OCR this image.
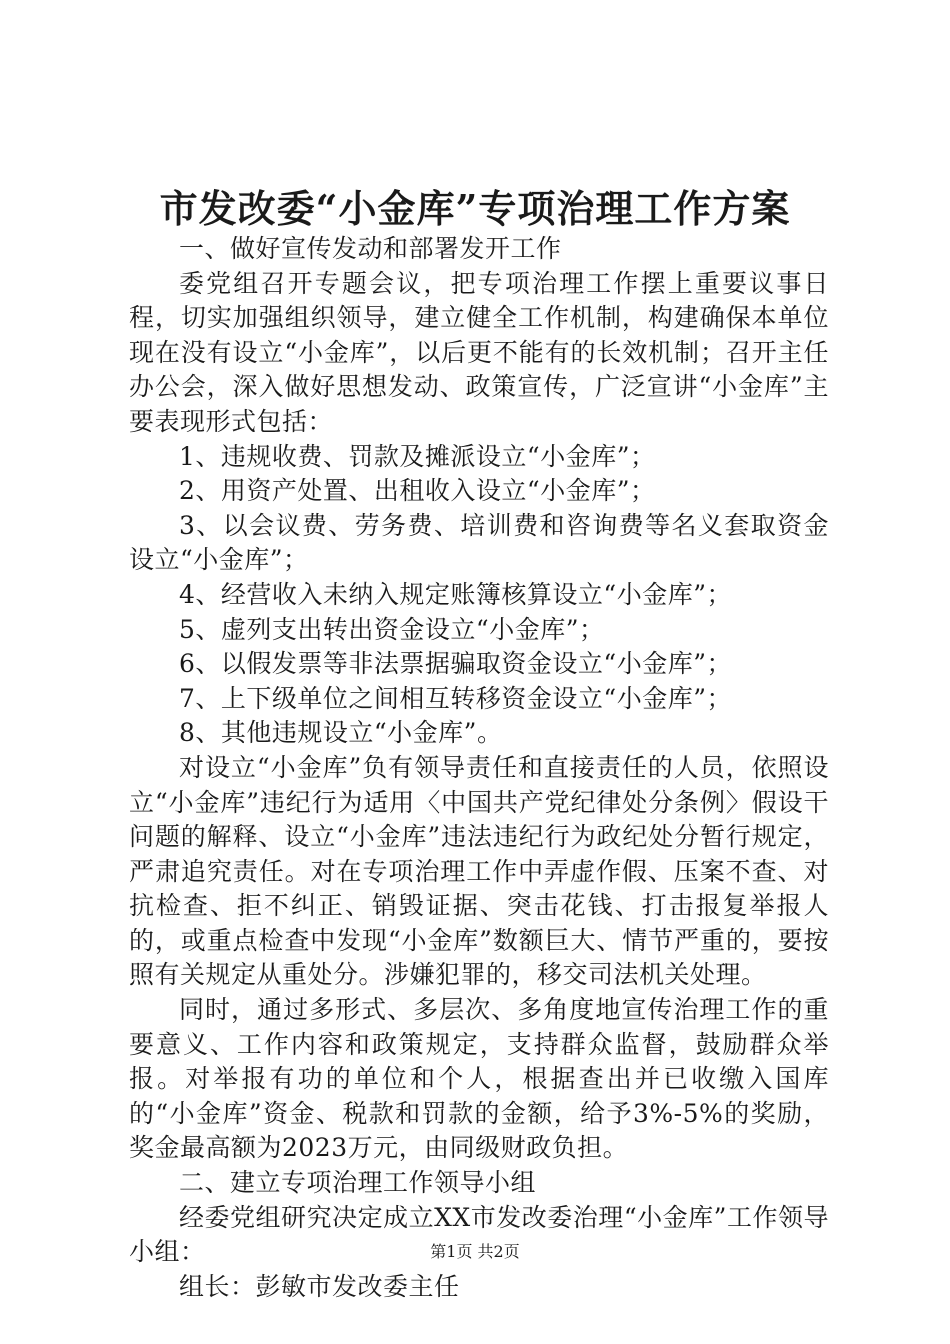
市发改委“小金库”专项治理工作方案

一、做好宣传发动和部署发开工作

委党组召开专题会议，把专项治理工作摆上重要议事日程，切实加强组织领导，建立健全工作机制，构建确保本单位现在没有设立“小金库”，以后更不能有的长效机制；召开主任办公会，深入做好思想发动、政策宣传，广泛宣讲“小金库”主要表现形式包括：

1、违规收费、罚款及摊派设立“小金库”；

2、用资产处置、出租收入设立“小金库”；

3、以会议费、劳务费、培训费和咨询费等名义套取资金设立“小金库”；

4、经营收入未纳入规定账簿核算设立“小金库”；

5、虚列支出转出资金设立“小金库”；

6、以假发票等非法票据骗取资金设立“小金库”；

7、上下级单位之间相互转移资金设立“小金库”；

8、其他违规设立“小金库”。

对设立“小金库”负有领导责任和直接责任的人员，依照设立“小金库”违纪行为适用〈中国共产党纪律处分条例〉假设干问题的解释、设立“小金库”违法违纪行为政纪处分暂行规定，严肃追究责任。对在专项治理工作中弄虚作假、压案不查、对抗检查、拒不纠正、销毁证据、突击花钱、打击报复举报人的，或重点检查中发现“小金库”数额巨大、情节严重的，要按照有关规定从重处分。涉嫌犯罪的，移交司法机关处理。

同时，通过多形式、多层次、多角度地宣传治理工作的重要意义、工作内容和政策规定，支持群众监督，鼓励群众举报。对举报有功的单位和个人，根据查出并已收缴入国库的“小金库”资金、税款和罚款的金额，给予3%-5%的奖励，奖金最高额为2023万元，由同级财政负担。

二、建立专项治理工作领导小组

经委党组研究决定成立XX市发改委治理“小金库”工作领导小组：

组长：彭敏市发改委主任

第1页 共2页
